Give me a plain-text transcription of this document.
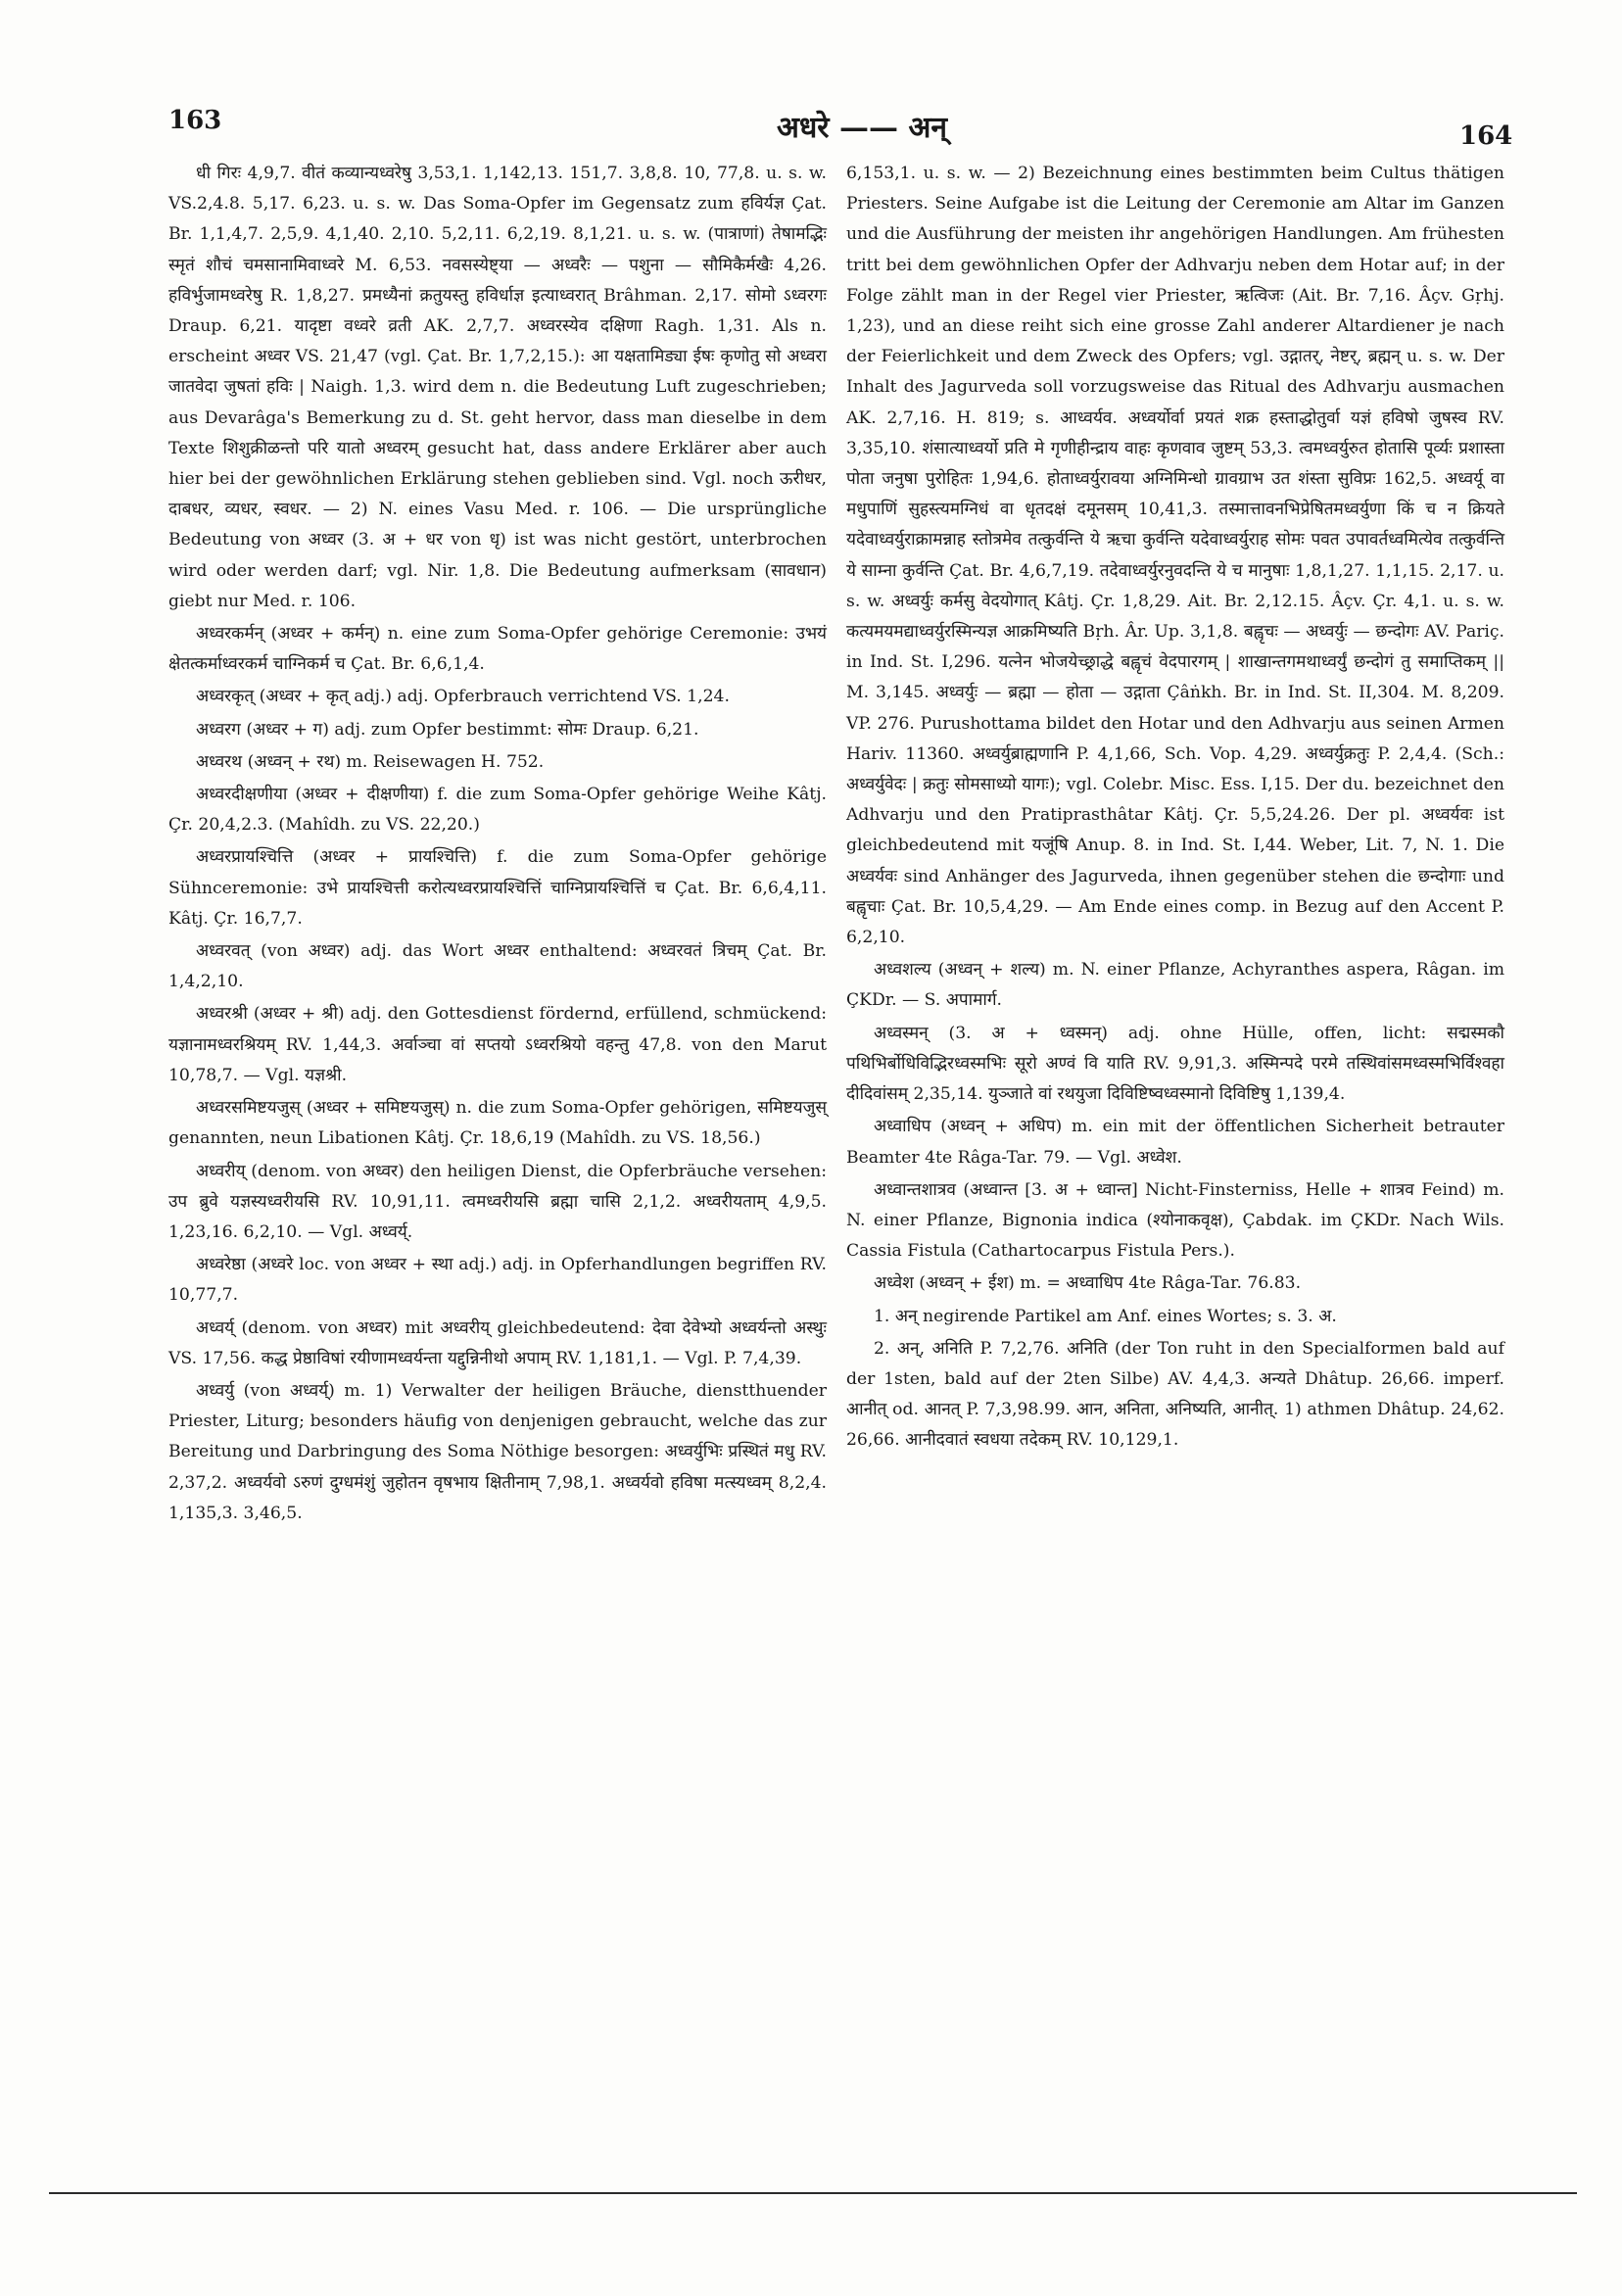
163	अधरे —— अन्	164

धी गिरः 4,9,7. वीतं कव्यान्यध्वरेषु 3,53,1. 1,142,13. 151,7. 3,8,8. 10, 77,8. u. s. w. VS.2,4.8. 5,17. 6,23. u. s. w. Das Soma-Opfer im Gegensatz zum हविर्यज्ञ Çat. Br. 1,1,4,7. 2,5,9. 4,1,40. 2,10. 5,2,11. 6,2,19. 8,1,21. u. s. w. (पात्राणां) तेषामद्भिः स्मृतं शौचं चमसानामिवाध्वरे M. 6,53. नवसस्येष्ट्या — अध्वरैः — पशुना — सौमिकैर्मखैः 4,26. हविर्भुजामध्वरेषु R. 1,8,27. प्रमध्यैनां क्रतुयस्तु हविर्धाज्ञ इत्याध्वरात् Brâhman. 2,17. सोमो ऽध्वरगः Draup. 6,21. यादृष्टा वध्वरे व्रती AK. 2,7,7. अध्वरस्येव दक्षिणा Ragh. 1,31. Als n. erscheint अध्वर VS. 21,47 (vgl. Çat. Br. 1,7,2,15.): आ यक्षतामिड्या ईषः कृणोतु सो अध्वरा जातवेदा जुषतां हविः | Naigh. 1,3. wird dem n. die Bedeutung Luft zugeschrieben; aus Devarâga's Bemerkung zu d. St. geht hervor, dass man dieselbe in dem Texte शिशुक्रीळन्तो परि यातो अध्वरम् gesucht hat, dass andere Erklärer aber auch hier bei der gewöhnlichen Erklärung stehen geblieben sind. Vgl. noch ऊरीधर, दाबधर, व्यधर, स्वधर. — 2) N. eines Vasu Med. r. 106. — Die ursprüngliche Bedeutung von अध्वर (3. अ + धर von धृ) ist was nicht gestört, unterbrochen wird oder werden darf; vgl. Nir. 1,8. Die Bedeutung aufmerksam (सावधान) giebt nur Med. r. 106.

अध्वरकर्मन् (अध्वर + कर्मन्) n. eine zum Soma-Opfer gehörige Ceremonie: उभयं क्षेतत्कर्माध्वरकर्म चाग्निकर्म च Çat. Br. 6,6,1,4.

अध्वरकृत् (अध्वर + कृत् adj.) adj. Opferbrauch verrichtend VS. 1,24.

अध्वरग (अध्वर + ग) adj. zum Opfer bestimmt: सोमः Draup. 6,21.

अध्वरथ (अध्वन् + रथ) m. Reisewagen H. 752.

अध्वरदीक्षणीया (अध्वर + दीक्षणीया) f. die zum Soma-Opfer gehörige Weihe Kâtj. Çr. 20,4,2.3. (Mahîdh. zu VS. 22,20.)

अध्वरप्रायश्चित्ति (अध्वर + प्रायश्चित्ति) f. die zum Soma-Opfer gehörige Sühnceremonie: उभे प्रायश्चित्ती करोत्यध्वरप्रायश्चित्तिं चाग्निप्रायश्चित्तिं च Çat. Br. 6,6,4,11. Kâtj. Çr. 16,7,7.

अध्वरवत् (von अध्वर) adj. das Wort अध्वर enthaltend: अध्वरवतं त्रिचम् Çat. Br. 1,4,2,10.

अध्वरश्री (अध्वर + श्री) adj. den Gottesdienst fördernd, erfüllend, schmückend: यज्ञानामध्वरश्रियम् RV. 1,44,3. अर्वाञ्चा वां सप्तयो ऽध्वरश्रियो वहन्तु 47,8. von den Marut 10,78,7. — Vgl. यज्ञश्री.

अध्वरसमिष्टयजुस् (अध्वर + समिष्टयजुस्) n. die zum Soma-Opfer gehörigen, समिष्टयजुस् genannten, neun Libationen Kâtj. Çr. 18,6,19 (Mahîdh. zu VS. 18,56.)

अध्वरीय् (denom. von अध्वर) den heiligen Dienst, die Opferbräuche versehen: उप ब्रुवे यज्ञस्यध्वरीयसि RV. 10,91,11. त्वमध्वरीयसि ब्रह्मा चासि 2,1,2. अध्वरीयताम् 4,9,5. 1,23,16. 6,2,10. — Vgl. अध्वर्य्.

अध्वरेष्ठा (अध्वरे loc. von अध्वर + स्था adj.) adj. in Opferhandlungen begriffen RV. 10,77,7.

अध्वर्य् (denom. von अध्वर) mit अध्वरीय् gleichbedeutend: देवा देवेभ्यो अध्वर्यन्तो अस्थुः VS. 17,56. कद्ध प्रेष्ठाविषां रयीणामध्वर्यन्ता यद्दुन्निनीथो अपाम् RV. 1,181,1. — Vgl. P. 7,4,39.

अध्वर्यु (von अध्वर्य्) m. 1) Verwalter der heiligen Bräuche, dienstthuender Priester, Liturg; besonders häufig von denjenigen gebraucht, welche das zur Bereitung und Darbringung des Soma Nöthige besorgen: अध्वर्युभिः प्रस्थितं मधु RV. 2,37,2. अध्वर्यवो ऽरुणं दुग्धमंशुं जुहोतन वृषभाय क्षितीनाम् 7,98,1. अध्वर्यवो हविषा मत्स्यध्वम् 8,2,4. 1,135,3. 3,46,5.

6,153,1. u. s. w. — 2) Bezeichnung eines bestimmten beim Cultus thätigen Priesters. Seine Aufgabe ist die Leitung der Ceremonie am Altar im Ganzen und die Ausführung der meisten ihr angehörigen Handlungen. Am frühesten tritt bei dem gewöhnlichen Opfer der Adhvarju neben dem Hotar auf; in der Folge zählt man in der Regel vier Priester, ऋत्विजः (Ait. Br. 7,16. Âçv. Gṛhj. 1,23), und an diese reiht sich eine grosse Zahl anderer Altardiener je nach der Feierlichkeit und dem Zweck des Opfers; vgl. उद्गातर्, नेष्टर्, ब्रह्मन् u. s. w. Der Inhalt des Jagurveda soll vorzugsweise das Ritual des Adhvarju ausmachen AK. 2,7,16. H. 819; s. आध्वर्यव. अध्वर्योर्वा प्रयतं शक्र हस्ताद्धोतुर्वा यज्ञं हविषो जुषस्व RV. 3,35,10. शंसात्याध्वर्यो प्रति मे गृणीहीन्द्राय वाहः कृणवाव जुष्टम् 53,3. त्वमध्वर्युरुत होतासि पूर्व्यः प्रशास्ता पोता जनुषा पुरोहितः 1,94,6. होताध्वर्युरावया अग्निमिन्धो ग्रावग्राभ उत शंस्ता सुविप्रः 162,5. अध्वर्यू वा मधुपाणिं सुहस्त्यमग्निधं वा धृतदक्षं दमूनसम् 10,41,3. तस्मात्तावनभिप्रेषितमध्वर्युणा किं च न क्रियते यदेवाध्वर्युराक्रामन्नाह स्तोत्रमेव तत्कुर्वन्ति ये ऋचा कुर्वन्ति यदेवाध्वर्युराह सोमः पवत उपावर्तध्वमित्येव तत्कुर्वन्ति ये साम्ना कुर्वन्ति Çat. Br. 4,6,7,19. तदेवाध्वर्युरनुवदन्ति ये च मानुषाः 1,8,1,27. 1,1,15. 2,17. u. s. w. अध्वर्युः कर्मसु वेदयोगात् Kâtj. Çr. 1,8,29. Ait. Br. 2,12.15. Âçv. Çr. 4,1. u. s. w. कत्यमयमद्याध्वर्युरस्मिन्यज्ञ आक्रमिष्यति Bṛh. Âr. Up. 3,1,8. बह्वृचः — अध्वर्युः — छन्दोगः AV. Pariç. in Ind. St. I,296. यत्नेन भोजयेच्छ्राद्धे बह्वृचं वेदपारगम् | शाखान्तगमथाध्वर्युं छन्दोगं तु समाप्तिकम् || M. 3,145. अध्वर्युः — ब्रह्मा — होता — उद्गाता Çâṅkh. Br. in Ind. St. II,304. M. 8,209. VP. 276. Purushottama bildet den Hotar und den Adhvarju aus seinen Armen Hariv. 11360. अध्वर्युब्राह्मणानि P. 4,1,66, Sch. Vop. 4,29. अध्वर्युक्रतुः P. 2,4,4. (Sch.: अध्वर्युवेदः | क्रतुः सोमसाध्यो यागः); vgl. Colebr. Misc. Ess. I,15. Der du. bezeichnet den Adhvarju und den Pratiprasthâtar Kâtj. Çr. 5,5,24.26. Der pl. अध्वर्यवः ist gleichbedeutend mit यजूंषि Anup. 8. in Ind. St. I,44. Weber, Lit. 7, N. 1. Die अध्वर्यवः sind Anhänger des Jagurveda, ihnen gegenüber stehen die छन्दोगाः und बह्वृचाः Çat. Br. 10,5,4,29. — Am Ende eines comp. in Bezug auf den Accent P. 6,2,10.

अध्वशल्य (अध्वन् + शल्य) m. N. einer Pflanze, Achyranthes aspera, Râgan. im ÇKDr. — S. अपामार्ग.

अध्वस्मन् (3. अ + ध्वस्मन्) adj. ohne Hülle, offen, licht: सद्मस्मकौ पथिभिर्बोधिविद्भिरध्वस्मभिः सूरो अण्वं वि याति RV. 9,91,3. अस्मिन्पदे परमे तस्थिवांसमध्वस्मभिर्विश्वहा दीदिवांसम् 2,35,14. युञ्जाते वां रथयुजा दिविष्टिष्वध्वस्मानो दिविष्टिषु 1,139,4.

अध्वाधिप (अध्वन् + अधिप) m. ein mit der öffentlichen Sicherheit betrauter Beamter 4te Râga-Tar. 79. — Vgl. अध्वेश.

अध्वान्तशात्रव (अध्वान्त [3. अ + ध्वान्त] Nicht-Finsterniss, Helle + शात्रव Feind) m. N. einer Pflanze, Bignonia indica (श्योनाकवृक्ष), Çabdak. im ÇKDr. Nach Wils. Cassia Fistula (Cathartocarpus Fistula Pers.).

अध्वेश (अध्वन् + ईश) m. = अध्वाधिप 4te Râga-Tar. 76.83.

1. अन् negirende Partikel am Anf. eines Wortes; s. 3. अ.

2. अन्, अनिति P. 7,2,76. अनिति (der Ton ruht in den Specialformen bald auf der 1sten, bald auf der 2ten Silbe) AV. 4,4,3. अन्यते Dhâtup. 26,66. imperf. आनीत् od. आनत् P. 7,3,98.99. आन, अनिता, अनिष्यति, आनीत्. 1) athmen Dhâtup. 24,62. 26,66. आनीदवातं स्वधया तदेकम् RV. 10,129,1.
